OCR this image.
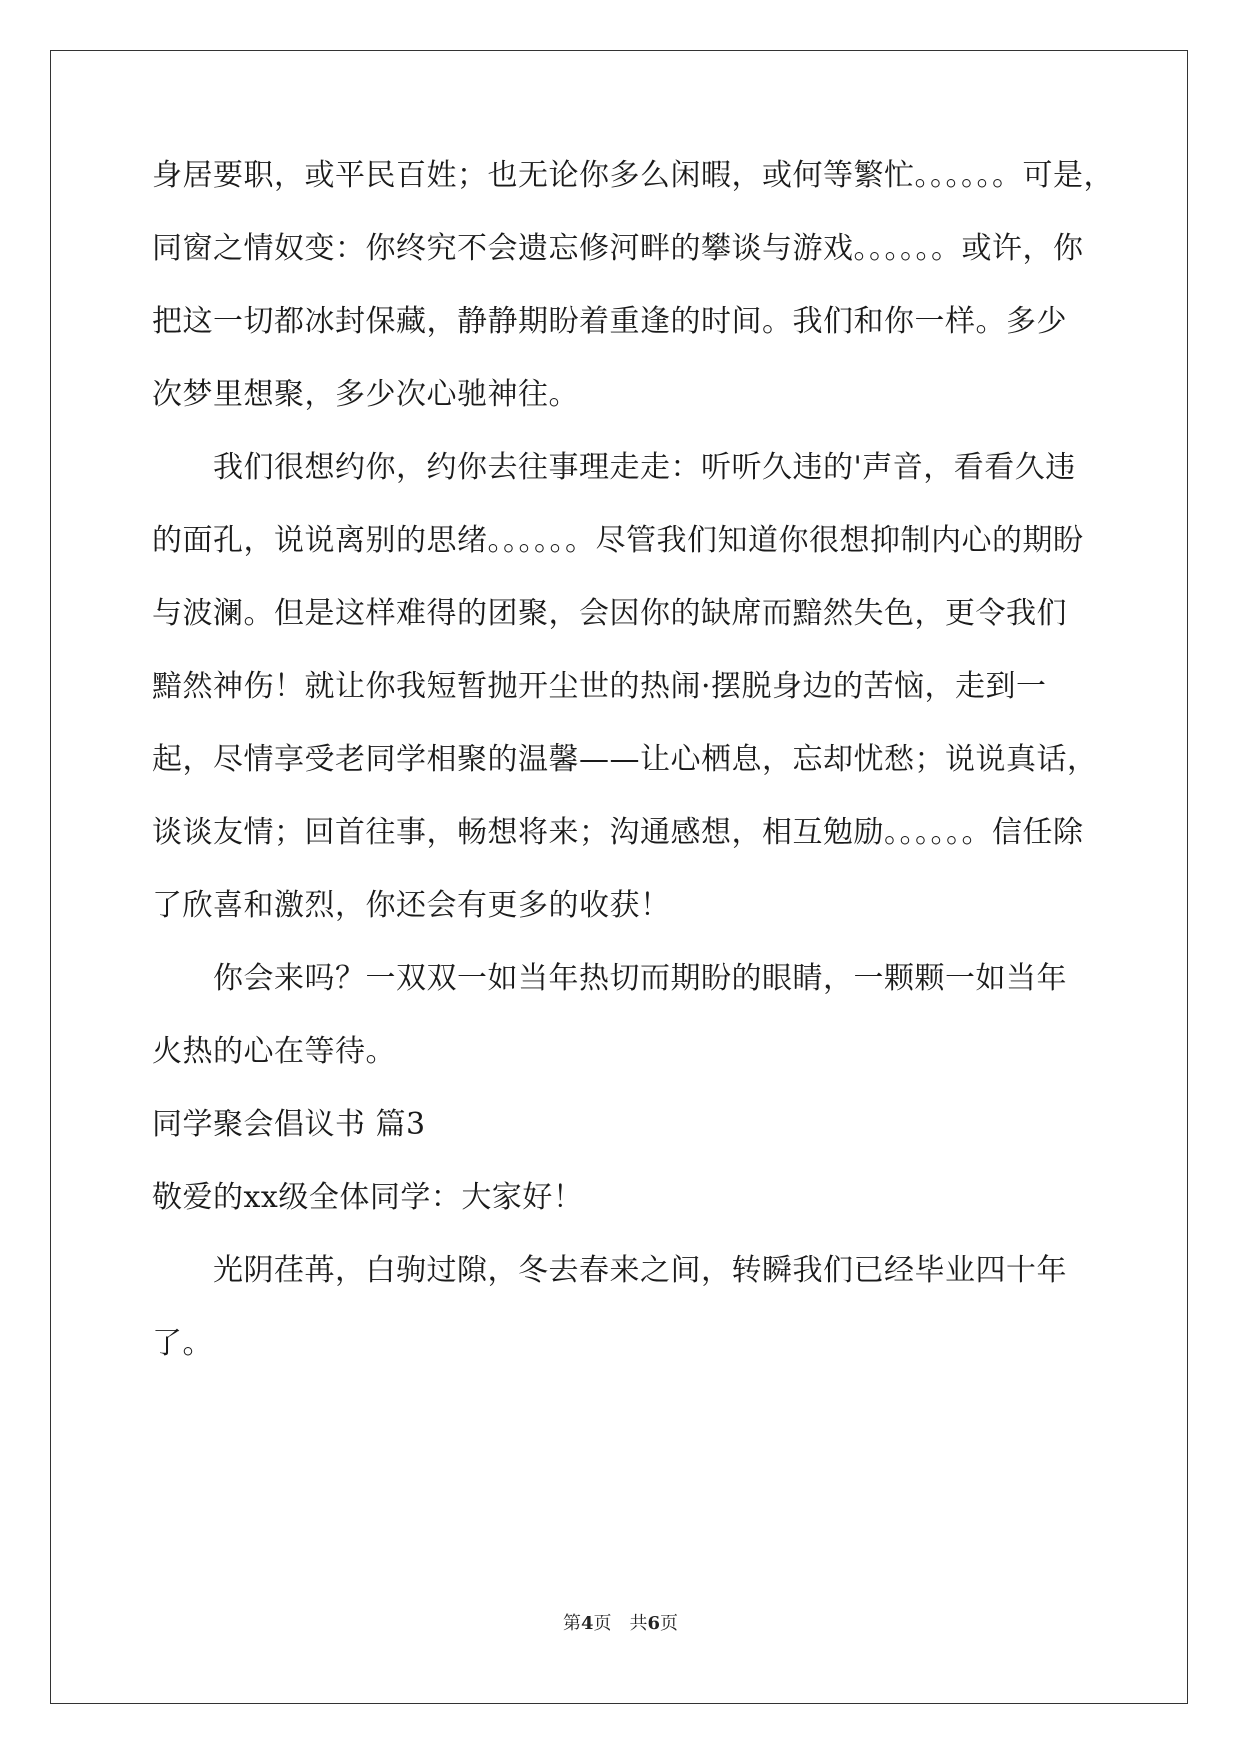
身居要职，或平民百姓；也无论你多么闲暇，或何等繁忙。。。。。。可是，
同窗之情奴变：你终究不会遗忘修河畔的攀谈与游戏。。。。。。或许，你
把这一切都冰封保藏，静静期盼着重逢的时间。我们和你一样。多少
次梦里想聚，多少次心驰神往。
　　我们很想约你，约你去往事理走走：听听久违的'声音，看看久违
的面孔，说说离别的思绪。。。。。。尽管我们知道你很想抑制内心的期盼
与波澜。但是这样难得的团聚，会因你的缺席而黯然失色，更令我们
黯然神伤！就让你我短暂抛开尘世的热闹·摆脱身边的苦恼，走到一
起，尽情享受老同学相聚的温馨——让心栖息，忘却忧愁；说说真话，
谈谈友情；回首往事，畅想将来；沟通感想，相互勉励。。。。。。信任除
了欣喜和激烈，你还会有更多的收获！
　　你会来吗？一双双一如当年热切而期盼的眼睛，一颗颗一如当年
火热的心在等待。
同学聚会倡议书 篇3
敬爱的xx级全体同学：大家好！
　　光阴荏苒，白驹过隙，冬去春来之间，转瞬我们已经毕业四十年
了。
第4页　共6页
